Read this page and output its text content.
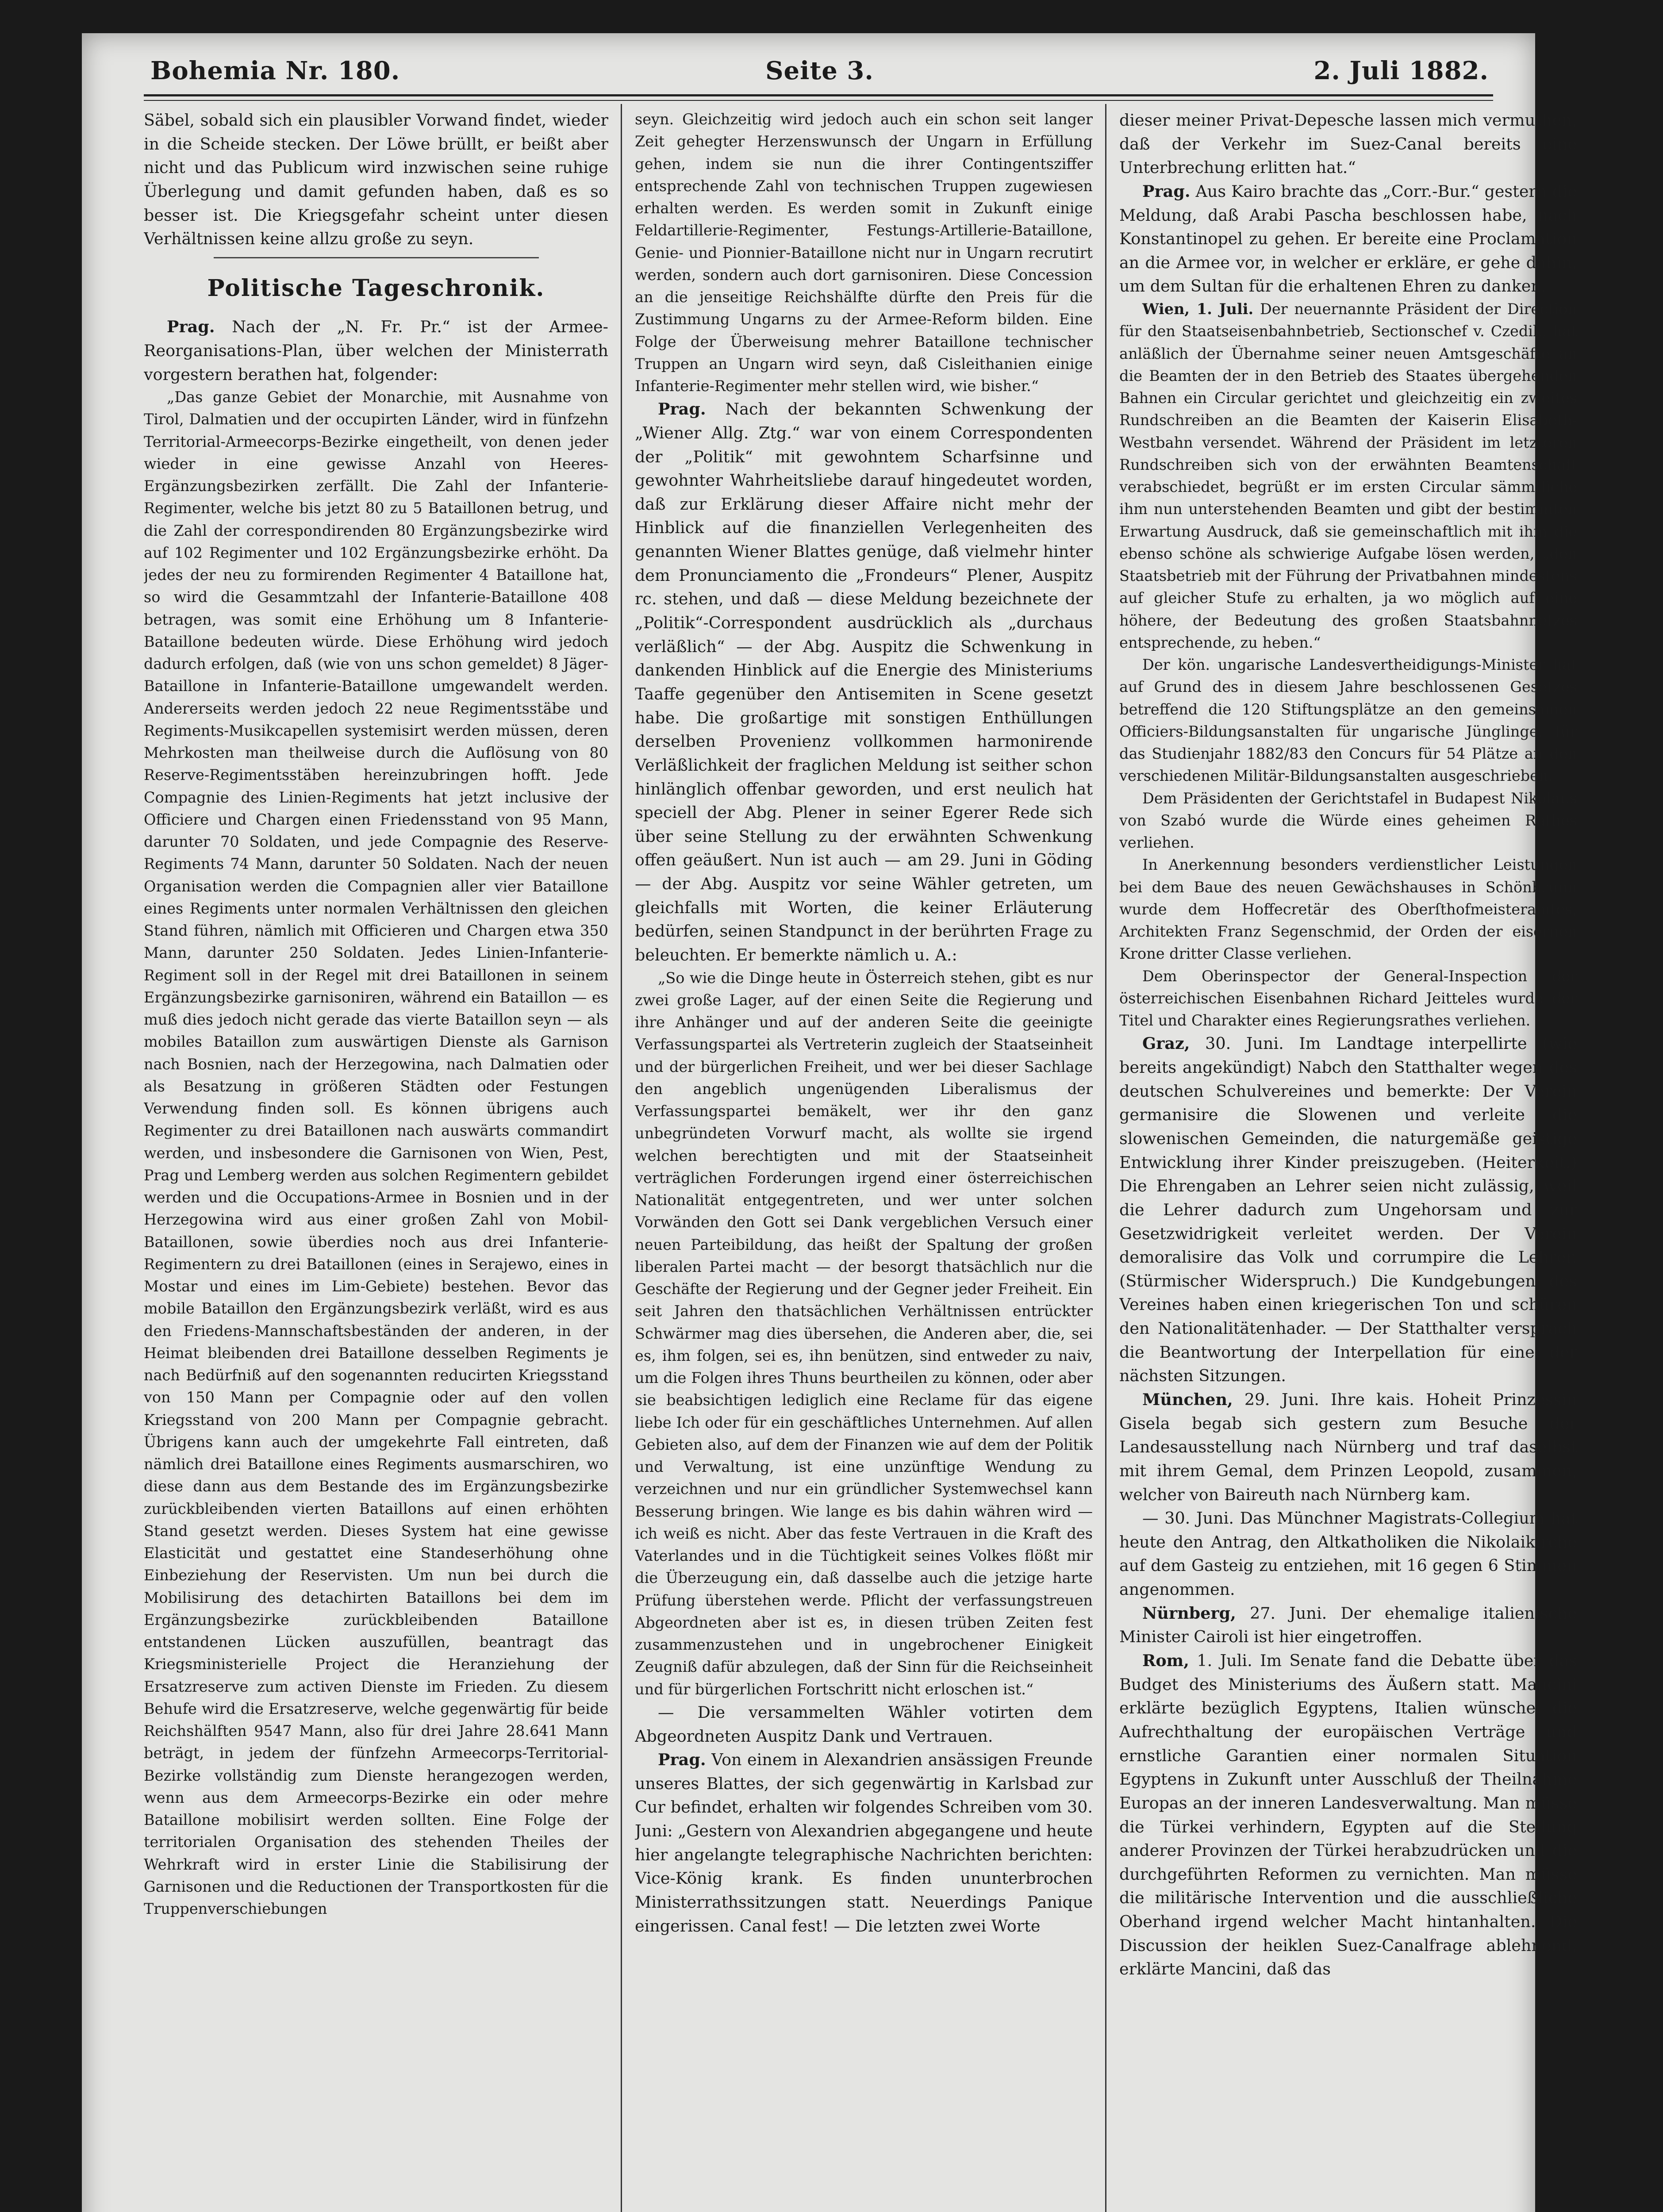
Bohemia Nr. 180.	Seite 3.	2. Juli 1882.

Säbel, sobald sich ein plausibler Vorwand findet, wieder in die Scheide stecken. Der Löwe brüllt, er beißt aber nicht und das Publicum wird inzwischen seine ruhige Überlegung und damit gefunden haben, daß es so besser ist. Die Kriegsgefahr scheint unter diesen Verhältnissen keine allzu große zu seyn.

Politische Tageschronik.

Prag. Nach der „N. Fr. Pr.“ ist der Armee-Reorganisations-Plan, über welchen der Ministerrath vorgestern berathen hat, folgender:

„Das ganze Gebiet der Monarchie, mit Ausnahme von Tirol, Dalmatien und der occupirten Länder, wird in fünfzehn Territorial-Armeecorps-Bezirke eingetheilt, von denen jeder wieder in eine gewisse Anzahl von Heeres-Ergänzungsbezirken zerfällt. Die Zahl der Infanterie-Regimenter, welche bis jetzt 80 zu 5 Bataillonen betrug, und die Zahl der correspondirenden 80 Ergänzungsbezirke wird auf 102 Regimenter und 102 Ergänzungsbezirke erhöht. Da jedes der neu zu formirenden Regimenter 4 Bataillone hat, so wird die Gesammtzahl der Infanterie-Bataillone 408 betragen, was somit eine Erhöhung um 8 Infanterie-Bataillone bedeuten würde. Diese Erhöhung wird jedoch dadurch erfolgen, daß (wie von uns schon gemeldet) 8 Jäger-Bataillone in Infanterie-Bataillone umgewandelt werden. Andererseits werden jedoch 22 neue Regimentsstäbe und Regiments-Musikcapellen systemisirt werden müssen, deren Mehrkosten man theilweise durch die Auflösung von 80 Reserve-Regimentsstäben hereinzubringen hofft. Jede Compagnie des Linien-Regiments hat jetzt inclusive der Officiere und Chargen einen Friedensstand von 95 Mann, darunter 70 Soldaten, und jede Compagnie des Reserve-Regiments 74 Mann, darunter 50 Soldaten. Nach der neuen Organisation werden die Compagnien aller vier Bataillone eines Regiments unter normalen Verhältnissen den gleichen Stand führen, nämlich mit Officieren und Chargen etwa 350 Mann, darunter 250 Soldaten. Jedes Linien-Infanterie-Regiment soll in der Regel mit drei Bataillonen in seinem Ergänzungsbezirke garnisoniren, während ein Bataillon — es muß dies jedoch nicht gerade das vierte Bataillon seyn — als mobiles Bataillon zum auswärtigen Dienste als Garnison nach Bosnien, nach der Herzegowina, nach Dalmatien oder als Besatzung in größeren Städten oder Festungen Verwendung finden soll. Es können übrigens auch Regimenter zu drei Bataillonen nach auswärts commandirt werden, und insbesondere die Garnisonen von Wien, Pest, Prag und Lemberg werden aus solchen Regimentern gebildet werden und die Occupations-Armee in Bosnien und in der Herzegowina wird aus einer großen Zahl von Mobil-Bataillonen, sowie überdies noch aus drei Infanterie-Regimentern zu drei Bataillonen (eines in Serajewo, eines in Mostar und eines im Lim-Gebiete) bestehen. Bevor das mobile Bataillon den Ergänzungsbezirk verläßt, wird es aus den Friedens-Mannschaftsbeständen der anderen, in der Heimat bleibenden drei Bataillone desselben Regiments je nach Bedürfniß auf den sogenannten reducirten Kriegsstand von 150 Mann per Compagnie oder auf den vollen Kriegsstand von 200 Mann per Compagnie gebracht. Übrigens kann auch der umgekehrte Fall eintreten, daß nämlich drei Bataillone eines Regiments ausmarschiren, wo diese dann aus dem Bestande des im Ergänzungsbezirke zurückbleibenden vierten Bataillons auf einen erhöhten Stand gesetzt werden. Dieses System hat eine gewisse Elasticität und gestattet eine Standeserhöhung ohne Einbeziehung der Reservisten. Um nun bei durch die Mobilisirung des detachirten Bataillons bei dem im Ergänzungsbezirke zurückbleibenden Bataillone entstandenen Lücken auszufüllen, beantragt das Kriegsministerielle Project die Heranziehung der Ersatzreserve zum activen Dienste im Frieden. Zu diesem Behufe wird die Ersatzreserve, welche gegenwärtig für beide Reichshälften 9547 Mann, also für drei Jahre 28.641 Mann beträgt, in jedem der fünfzehn Armeecorps-Territorial-Bezirke vollständig zum Dienste herangezogen werden, wenn aus dem Armeecorps-Bezirke ein oder mehre Bataillone mobilisirt werden sollten. Eine Folge der territorialen Organisation des stehenden Theiles der Wehrkraft wird in erster Linie die Stabilisirung der Garnisonen und die Reductionen der Transportkosten für die Truppenverschiebungen

seyn. Gleichzeitig wird jedoch auch ein schon seit langer Zeit gehegter Herzenswunsch der Ungarn in Erfüllung gehen, indem sie nun die ihrer Contingentsziffer entsprechende Zahl von technischen Truppen zugewiesen erhalten werden. Es werden somit in Zukunft einige Feldartillerie-Regimenter, Festungs-Artillerie-Bataillone, Genie- und Pionnier-Bataillone nicht nur in Ungarn recrutirt werden, sondern auch dort garnisoniren. Diese Concession an die jenseitige Reichshälfte dürfte den Preis für die Zustimmung Ungarns zu der Armee-Reform bilden. Eine Folge der Überweisung mehrer Bataillone technischer Truppen an Ungarn wird seyn, daß Cisleithanien einige Infanterie-Regimenter mehr stellen wird, wie bisher.“

Prag. Nach der bekannten Schwenkung der „Wiener Allg. Ztg.“ war von einem Correspondenten der „Politik“ mit gewohntem Scharfsinne und gewohnter Wahrheitsliebe darauf hingedeutet worden, daß zur Erklärung dieser Affaire nicht mehr der Hinblick auf die finanziellen Verlegenheiten des genannten Wiener Blattes genüge, daß vielmehr hinter dem Pronunciamento die „Frondeurs“ Plener, Auspitz rc. stehen, und daß — diese Meldung bezeichnete der „Politik“-Correspondent ausdrücklich als „durchaus verläßlich“ — der Abg. Auspitz die Schwenkung in dankenden Hinblick auf die Energie des Ministeriums Taaffe gegenüber den Antisemiten in Scene gesetzt habe. Die großartige mit sonstigen Enthüllungen derselben Provenienz vollkommen harmonirende Verläßlichkeit der fraglichen Meldung ist seither schon hinlänglich offenbar geworden, und erst neulich hat speciell der Abg. Plener in seiner Egerer Rede sich über seine Stellung zu der erwähnten Schwenkung offen geäußert. Nun ist auch — am 29. Juni in Göding — der Abg. Auspitz vor seine Wähler getreten, um gleichfalls mit Worten, die keiner Erläuterung bedürfen, seinen Standpunct in der berührten Frage zu beleuchten. Er bemerkte nämlich u. A.:

„So wie die Dinge heute in Österreich stehen, gibt es nur zwei große Lager, auf der einen Seite die Regierung und ihre Anhänger und auf der anderen Seite die geeinigte Verfassungspartei als Vertreterin zugleich der Staatseinheit und der bürgerlichen Freiheit, und wer bei dieser Sachlage den angeblich ungenügenden Liberalismus der Verfassungspartei bemäkelt, wer ihr den ganz unbegründeten Vorwurf macht, als wollte sie irgend welchen berechtigten und mit der Staatseinheit verträglichen Forderungen irgend einer österreichischen Nationalität entgegentreten, und wer unter solchen Vorwänden den Gott sei Dank vergeblichen Versuch einer neuen Parteibildung, das heißt der Spaltung der großen liberalen Partei macht — der besorgt thatsächlich nur die Geschäfte der Regierung und der Gegner jeder Freiheit. Ein seit Jahren den thatsächlichen Verhältnissen entrückter Schwärmer mag dies übersehen, die Anderen aber, die, sei es, ihm folgen, sei es, ihn benützen, sind entweder zu naiv, um die Folgen ihres Thuns beurtheilen zu können, oder aber sie beabsichtigen lediglich eine Reclame für das eigene liebe Ich oder für ein geschäftliches Unternehmen. Auf allen Gebieten also, auf dem der Finanzen wie auf dem der Politik und Verwaltung, ist eine unzünftige Wendung zu verzeichnen und nur ein gründlicher Systemwechsel kann Besserung bringen. Wie lange es bis dahin währen wird — ich weiß es nicht. Aber das feste Vertrauen in die Kraft des Vaterlandes und in die Tüchtigkeit seines Volkes flößt mir die Überzeugung ein, daß dasselbe auch die jetzige harte Prüfung überstehen werde. Pflicht der verfassungstreuen Abgeordneten aber ist es, in diesen trüben Zeiten fest zusammenzustehen und in ungebrochener Einigkeit Zeugniß dafür abzulegen, daß der Sinn für die Reichseinheit und für bürgerlichen Fortschritt nicht erloschen ist.“

— Die versammelten Wähler votirten dem Abgeordneten Auspitz Dank und Vertrauen.

Prag. Von einem in Alexandrien ansässigen Freunde unseres Blattes, der sich gegenwärtig in Karlsbad zur Cur befindet, erhalten wir folgendes Schreiben vom 30. Juni: „Gestern von Alexandrien abgegangene und heute hier angelangte telegraphische Nachrichten berichten: Vice-König krank. Es finden ununterbrochen Ministerrathssitzungen statt. Neuerdings Panique eingerissen. Canal fest! — Die letzten zwei Worte

dieser meiner Privat-Depesche lassen mich vermuthen, daß der Verkehr im Suez-Canal bereits eine Unterbrechung erlitten hat.“

Prag. Aus Kairo brachte das „Corr.-Bur.“ gestern die Meldung, daß Arabi Pascha beschlossen habe, nach Konstantinopel zu gehen. Er bereite eine Proclamation an die Armee vor, in welcher er erkläre, er gehe dahin, um dem Sultan für die erhaltenen Ehren zu danken.

Wien, 1. Juli. Der neuernannte Präsident der Direction für den Staatseisenbahnbetrieb, Sectionschef v. Czedik, hat anläßlich der Übernahme seiner neuen Amtsgeschäfte an die Beamten der in den Betrieb des Staates übergehenden Bahnen ein Circular gerichtet und gleichzeitig ein zweites Rundschreiben an die Beamten der Kaiserin Elisabeth-Westbahn versendet. Während der Präsident im letzteren Rundschreiben sich von der erwähnten Beamtenschaft verabschiedet, begrüßt er im ersten Circular sämmtliche ihm nun unterstehenden Beamten und gibt der bestimmten Erwartung Ausdruck, daß sie gemeinschaftlich mit ihm die ebenso schöne als schwierige Aufgabe lösen werden, „den Staatsbetrieb mit der Führung der Privatbahnen mindestens auf gleicher Stufe zu erhalten, ja wo möglich auf eine höhere, der Bedeutung des großen Staatsbahnnetzes entsprechende, zu heben.“

Der kön. ungarische Landesvertheidigungs-Minister hat auf Grund des in diesem Jahre beschlossenen Gesetzes betreffend die 120 Stiftungsplätze an den gemeinsamen Officiers-Bildungsanstalten für ungarische Jünglinge, für das Studienjahr 1882/83 den Concurs für 54 Plätze an den verschiedenen Militär-Bildungsanstalten ausgeschrieben.

Dem Präsidenten der Gerichtstafel in Budapest Nikolaus von Szabó wurde die Würde eines geheimen Rathes verliehen.

In Anerkennung besonders verdienstlicher Leistungen bei dem Baue des neuen Gewächshauses in Schönbrunn wurde dem Hoffecretär des Oberſthofmeisteramtes, Architekten Franz Segenschmid, der Orden der eisernen Krone dritter Classe verliehen.

Dem Oberinspector der General-Inspection der österreichischen Eisenbahnen Richard Jeitteles wurde der Titel und Charakter eines Regierungsrathes verliehen.

Graz, 30. Juni. Im Landtage interpellirte (wie bereits angekündigt) Nabch den Statthalter wegen des deutschen Schulvereines und bemerkte: Der Verein germanisire die Slowenen und verleite die slowenischen Gemeinden, die naturgemäße geistige Entwicklung ihrer Kinder preiszugeben. (Heiterkeit.) Die Ehrengaben an Lehrer seien nicht zulässig, weil die Lehrer dadurch zum Ungehorsam und zur Gesetzwidrigkeit verleitet werden. Der Verein demoralisire das Volk und corrumpire die Lehrer. (Stürmischer Widerspruch.) Die Kundgebungen des Vereines haben einen kriegerischen Ton und schüren den Nationalitätenhader. — Der Statthalter versprach die Beantwortung der Interpellation für eine der nächsten Sitzungen.

München, 29. Juni. Ihre kais. Hoheit Prinzessin Gisela begab sich gestern zum Besuche der Landesausstellung nach Nürnberg und traf daselbst mit ihrem Gemal, dem Prinzen Leopold, zusammen, welcher von Baireuth nach Nürnberg kam.

— 30. Juni. Das Münchner Magistrats-Collegium hat heute den Antrag, den Altkatholiken die Nikolaikirche auf dem Gasteig zu entziehen, mit 16 gegen 6 Stimmen angenommen.

Nürnberg, 27. Juni. Der ehemalige italienische Minister Cairoli ist hier eingetroffen.

Rom, 1. Juli. Im Senate fand die Debatte über das Budget des Ministeriums des Äußern statt. Mancini erklärte bezüglich Egyptens, Italien wünsche die Aufrechthaltung der europäischen Verträge und ernstliche Garantien einer normalen Situation Egyptens in Zukunft unter Ausschluß der Theilnahme Europas an der inneren Landesverwaltung. Man müsse die Türkei verhindern, Egypten auf die Stellung anderer Provinzen der Türkei herabzudrücken und die durchgeführten Reformen zu vernichten. Man müsse die militärische Intervention und die ausschließliche Oberhand irgend welcher Macht hintanhalten. Die Discussion der heiklen Suez-Canalfrage ablehnend, erklärte Mancini, daß das
